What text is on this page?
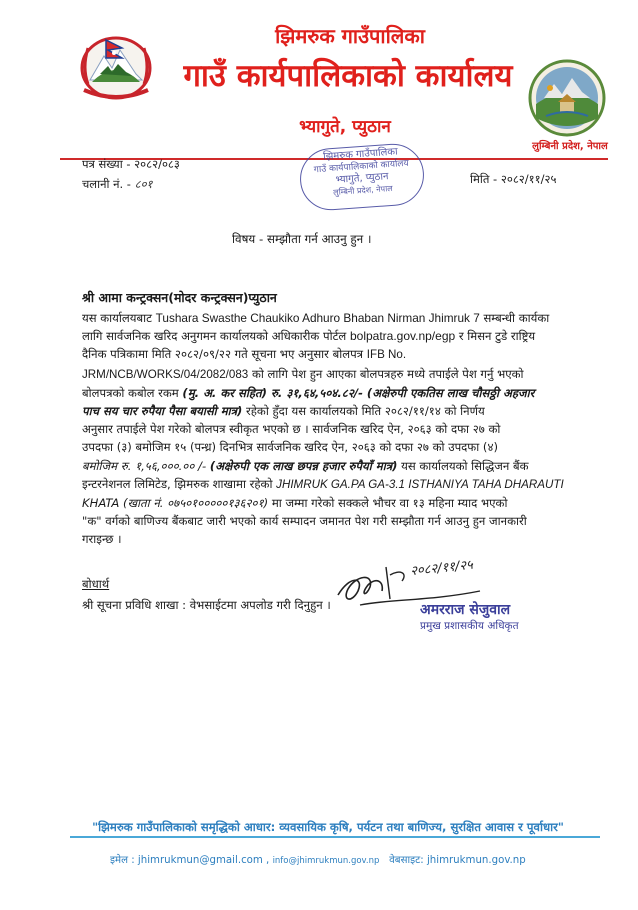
झिमरुक गाउँपालिका
गाउँ कार्यपालिकाको कार्यालय
भ्यागुते, प्युठान
लुम्बिनी प्रदेश, नेपाल
झिमरुक गाउँपालिका
गाउँ कार्यपालिकाको कार्यालय
भ्यागुते, प्युठान
लुम्बिनी प्रदेश, नेपाल
पत्र संख्या - २०८२/०८३
चलानी नं. - ८०१	मिति - २०८२/११/२५
विषय - सम्झौता गर्न आउनु हुन ।
श्री आमा कन्ट्रक्सन(मोदर कन्ट्रक्सन)प्युठान
यस कार्यालयबाट Tushara Swasthe Chaukiko Adhuro Bhaban Nirman Jhimruk 7 सम्बन्धी कार्यका
लागि सार्वजनिक खरिद अनुगमन कार्यालयको अधिकारीक पोर्टल bolpatra.gov.np/egp र मिसन टुडे राष्ट्रिय
दैनिक पत्रिकामा मिति २०८२/०९/२२ गते सूचना भए अनुसार बोलपत्र IFB No.
JRM/NCB/WORKS/04/2082/083 को लागि पेश हुन आएका बोलपत्रहरु मध्ये तपाईले पेश गर्नु भएको
बोलपत्रको कबोल रकम (मु. अ. कर सहित) रु. ३१,६४,५०४.८२/- (अक्षेरुपी एकतिस लाख चौसठ्ठी अहजार
पाच सय चार रुपैया पैसा बयासी मात्र) रहेको हुँदा यस कार्यालयको मिति २०८२/११/१४ को निर्णय
अनुसार तपाईले पेश गरेको बोलपत्र स्वीकृत भएको छ । सार्वजनिक खरिद ऐन, २०६३ को दफा २७ को
उपदफा (३) बमोजिम १५ (पन्ध्र) दिनभित्र सार्वजनिक खरिद ऐन, २०६३ को दफा २७ को उपदफा (४)
बमोजिम रु. १,५६,०००.०० /- (अक्षेरुपी एक लाख छपन्न हजार रुपैयाँ मात्र) यस कार्यालयको सिद्धिजन बैंक
इन्टरनेशनल लिमिटेड, झिमरुक शाखामा रहेको JHIMRUK GA.PA GA-3.1 ISTHANIYA TAHA DHARAUTI
KHATA (खाता नं. ०७५०१०००००१३६२०१) मा जम्मा गरेको सक्कले भौचर वा १३ महिना म्याद भएको
"क" वर्गको बाणिज्य बैंकबाट जारी भएको कार्य सम्पादन जमानत पेश गरी सम्झौता गर्न आउनु हुन जानकारी
गराइन्छ ।
२०८२/११/२५
अमरराज सेजुवाल
प्रमुख प्रशासकीय अधिकृत
बोधार्थ
श्री सूचना प्रविधि शाखा : वेभसाईटमा अपलोड गरी दिनुहुन ।
"झिमरुक गाउँपालिकाको समृद्धिको आधार: व्यवसायिक कृषि, पर्यटन तथा बाणिज्य, सुरक्षित आवास र पूर्वाधार"
इमेल : jhimrukmun@gmail.com , info@jhimrukmun.gov.np वेबसाइट: jhimrukmun.gov.np
